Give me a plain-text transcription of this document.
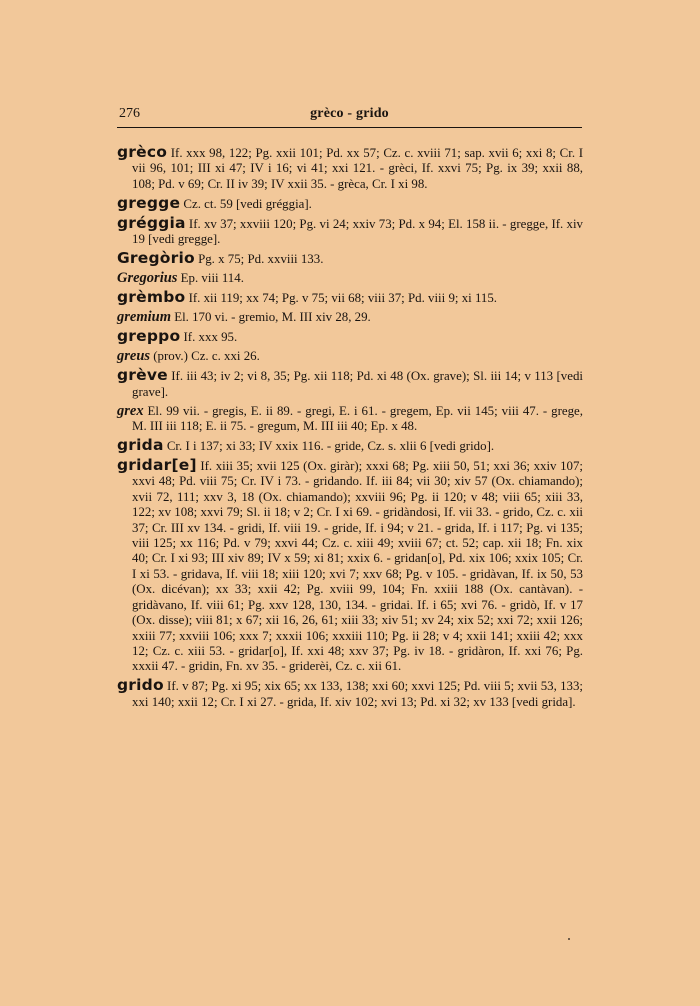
276	grèco - grido

grèco If. xxx 98, 122; Pg. xxii 101; Pd. xx 57; Cz. c. xviii 71; sap. xvii 6; xxi 8; Cr. I vii 96, 101; III xi 47; IV i 16; vi 41; xxi 121. - grèci, If. xxvi 75; Pg. ix 39; xxii 88, 108; Pd. v 69; Cr. II iv 39; IV xxii 35. - grèca, Cr. I xi 98.

gregge Cz. ct. 59 [vedi gréggia].

gréggia If. xv 37; xxviii 120; Pg. vi 24; xxiv 73; Pd. x 94; El. 158 ii. - gregge, If. xiv 19 [vedi gregge].

Gregòrio Pg. x 75; Pd. xxviii 133.

Gregorius Ep. viii 114.

grèmbo If. xii 119; xx 74; Pg. v 75; vii 68; viii 37; Pd. viii 9; xi 115.

gremium El. 170 vi. - gremio, M. III xiv 28, 29.

greppo If. xxx 95.

greus (prov.) Cz. c. xxi 26.

grève If. iii 43; iv 2; vi 8, 35; Pg. xii 118; Pd. xi 48 (Ox. grave); Sl. iii 14; v 113 [vedi grave].

grex El. 99 vii. - gregis, E. ii 89. - gregi, E. i 61. - gregem, Ep. vii 145; viii 47. - grege, M. III iii 118; E. ii 75. - gregum, M. III iii 40; Ep. x 48.

grida Cr. I i 137; xi 33; IV xxix 116. - gride, Cz. s. xlii 6 [vedi grido].

gridar[e] If. xiii 35; xvii 125 (Ox. giràr); xxxi 68; Pg. xiii 50, 51; xxi 36; xxiv 107; xxvi 48; Pd. viii 75; Cr. IV i 73. - gridando. If. iii 84; vii 30; xiv 57 (Ox. chiamando); xvii 72, 111; xxv 3, 18 (Ox. chiamando); xxviii 96; Pg. ii 120; v 48; viii 65; xiii 33, 122; xv 108; xxvi 79; Sl. ii 18; v 2; Cr. I xi 69. - gridàndosi, If. vii 33. - grido, Cz. c. xii 37; Cr. III xv 134. - gridi, If. viii 19. - gride, If. i 94; v 21. - grida, If. i 117; Pg. vi 135; viii 125; xx 116; Pd. v 79; xxvi 44; Cz. c. xiii 49; xviii 67; ct. 52; cap. xii 18; Fn. xix 40; Cr. I xi 93; III xiv 89; IV x 59; xi 81; xxix 6. - gridan[o], Pd. xix 106; xxix 105; Cr. I xi 53. - gridava, If. viii 18; xiii 120; xvi 7; xxv 68; Pg. v 105. - gridàvan, If. ix 50, 53 (Ox. dicévan); xx 33; xxii 42; Pg. xviii 99, 104; Fn. xxiii 188 (Ox. cantàvan). - gridàvano, If. viii 61; Pg. xxv 128, 130, 134. - gridai. If. i 65; xvi 76. - gridò, If. v 17 (Ox. disse); viii 81; x 67; xii 16, 26, 61; xiii 33; xiv 51; xv 24; xix 52; xxi 72; xxii 126; xxiii 77; xxviii 106; xxx 7; xxxii 106; xxxiii 110; Pg. ii 28; v 4; xxii 141; xxiii 42; xxx 12; Cz. c. xiii 53. - gridar[o], If. xxi 48; xxv 37; Pg. iv 18. - gridàron, If. xxi 76; Pg. xxxii 47. - gridin, Fn. xv 35. - griderèi, Cz. c. xii 61.

grido If. v 87; Pg. xi 95; xix 65; xx 133, 138; xxi 60; xxvi 125; Pd. viii 5; xvii 53, 133; xxi 140; xxii 12; Cr. I xi 27. - grida, If. xiv 102; xvi 13; Pd. xi 32; xv 133 [vedi grida].
